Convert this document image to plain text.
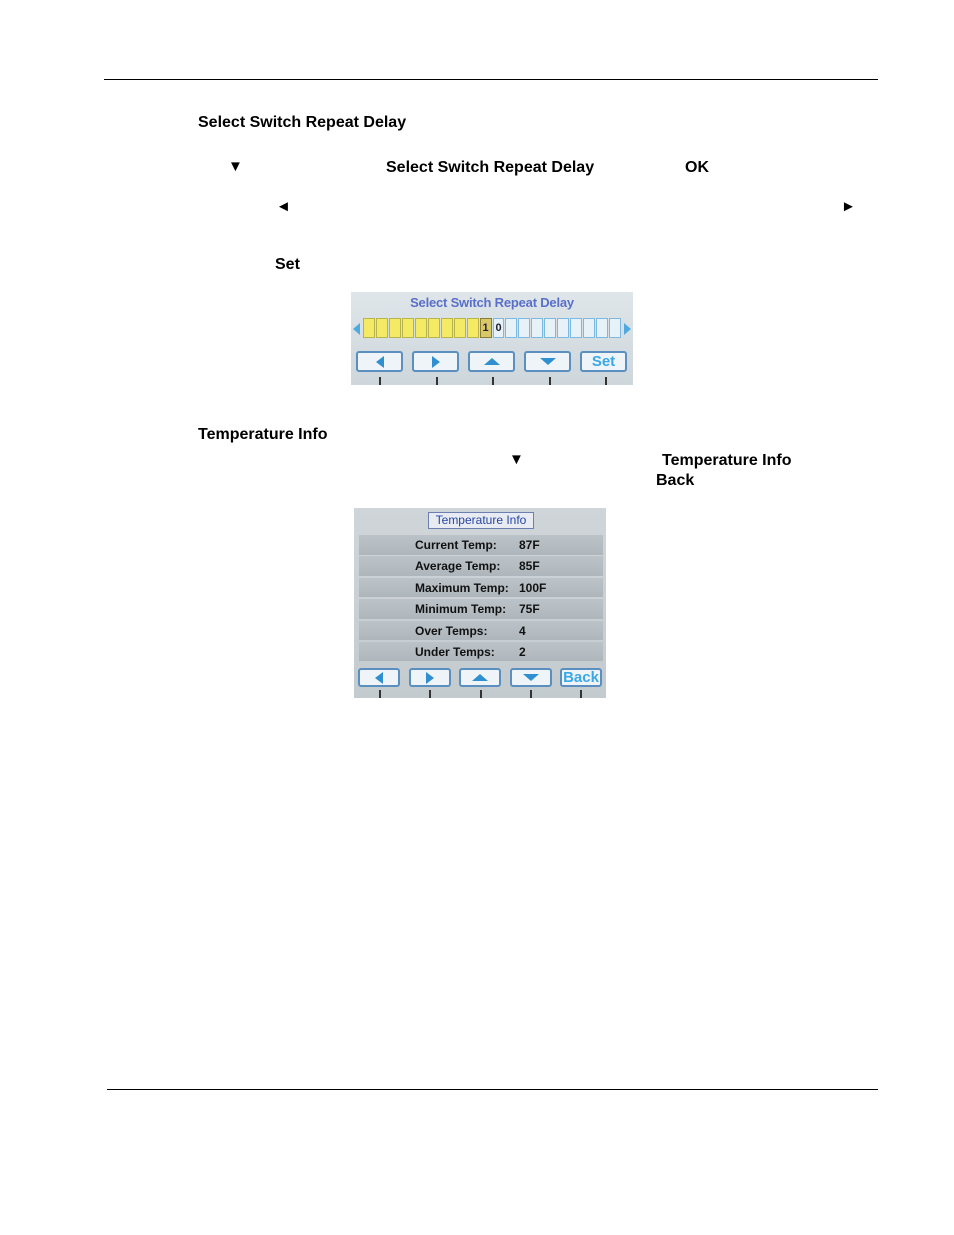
Select Switch Repeat Delay
▼	Select Switch Repeat Delay	OK
◄	►
Set
Select Switch Repeat Delay
1 0
Set
Temperature Info
▼	Temperature Info
Back
Temperature Info
Current Temp: 87F
Average Temp: 85F
Maximum Temp: 100F
Minimum Temp: 75F
Over Temps:	4
Under Temps: 2
Back
